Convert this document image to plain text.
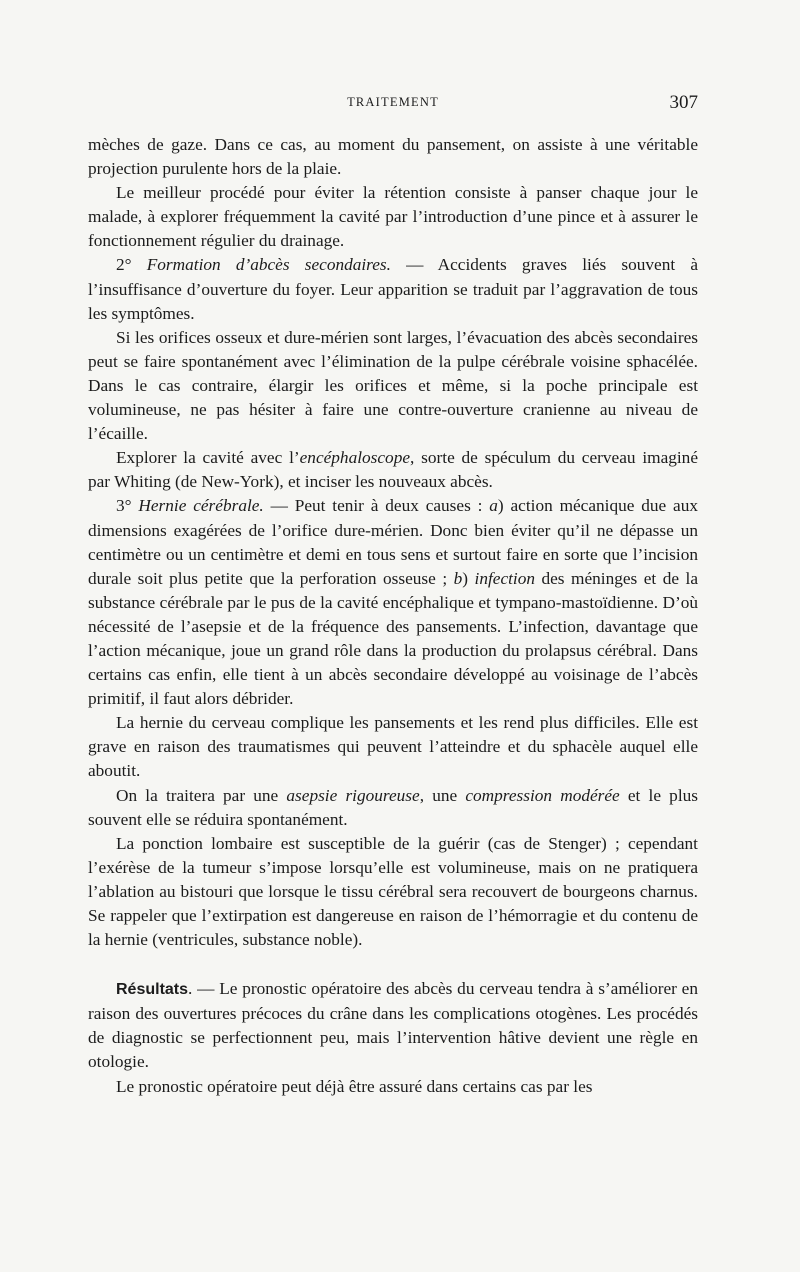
TRAITEMENT	307

mèches de gaze. Dans ce cas, au moment du pansement, on assiste à une véritable projection purulente hors de la plaie.

Le meilleur procédé pour éviter la rétention consiste à panser chaque jour le malade, à explorer fréquemment la cavité par l’introduction d’une pince et à assurer le fonctionnement régulier du drainage.

2° Formation d’abcès secondaires. — Accidents graves liés souvent à l’insuffisance d’ouverture du foyer. Leur apparition se traduit par l’aggravation de tous les symptômes.

Si les orifices osseux et dure-mérien sont larges, l’évacuation des abcès secondaires peut se faire spontanément avec l’élimination de la pulpe cérébrale voisine sphacélée. Dans le cas contraire, élargir les orifices et même, si la poche principale est volumineuse, ne pas hésiter à faire une contre-ouverture cranienne au niveau de l’écaille.

Explorer la cavité avec l’encéphaloscope, sorte de spéculum du cerveau imaginé par Whiting (de New-York), et inciser les nouveaux abcès.

3° Hernie cérébrale. — Peut tenir à deux causes : a) action mécanique due aux dimensions exagérées de l’orifice dure-mérien. Donc bien éviter qu’il ne dépasse un centimètre ou un centimètre et demi en tous sens et surtout faire en sorte que l’incision durale soit plus petite que la perforation osseuse ; b) infection des méninges et de la substance cérébrale par le pus de la cavité encéphalique et tympano-mastoïdienne. D’où nécessité de l’asepsie et de la fréquence des pansements. L’infection, davantage que l’action mécanique, joue un grand rôle dans la production du prolapsus cérébral. Dans certains cas enfin, elle tient à un abcès secondaire développé au voisinage de l’abcès primitif, il faut alors débrider.

La hernie du cerveau complique les pansements et les rend plus difficiles. Elle est grave en raison des traumatismes qui peuvent l’atteindre et du sphacèle auquel elle aboutit.

On la traitera par une asepsie rigoureuse, une compression modérée et le plus souvent elle se réduira spontanément.

La ponction lombaire est susceptible de la guérir (cas de Stenger) ; cependant l’exérèse de la tumeur s’impose lorsqu’elle est volumineuse, mais on ne pratiquera l’ablation au bistouri que lorsque le tissu cérébral sera recouvert de bourgeons charnus. Se rappeler que l’extirpation est dangereuse en raison de l’hémorragie et du contenu de la hernie (ventricules, substance noble).

Résultats. — Le pronostic opératoire des abcès du cerveau tendra à s’améliorer en raison des ouvertures précoces du crâne dans les complications otogènes. Les procédés de diagnostic se perfectionnent peu, mais l’intervention hâtive devient une règle en otologie.

Le pronostic opératoire peut déjà être assuré dans certains cas par les
